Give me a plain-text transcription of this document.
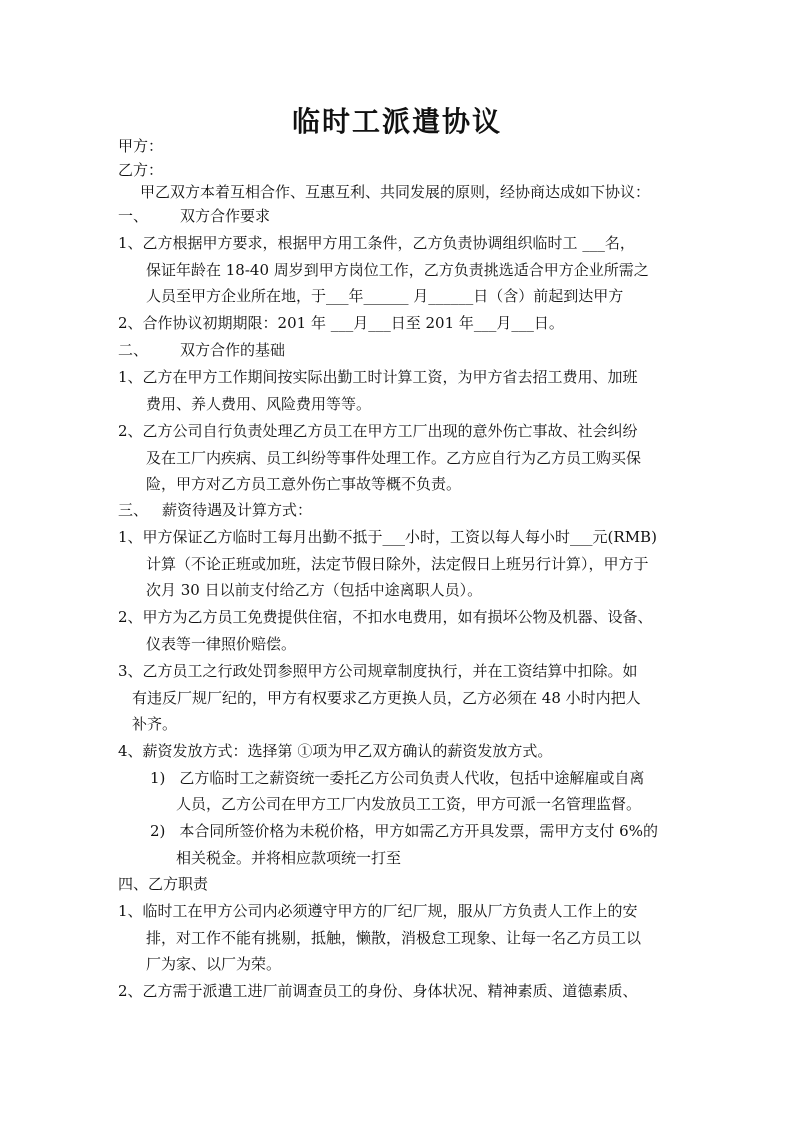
临时工派遣协议
甲方：
乙方：
甲乙双方本着互相合作、互惠互利、共同发展的原则，经协商达成如下协议：
一、 双方合作要求
1、乙方根据甲方要求，根据甲方用工条件，乙方负责协调组织临时工 ___名，
保证年龄在 18-40 周岁到甲方岗位工作，乙方负责挑选适合甲方企业所需之
人员至甲方企业所在地，于___年______ 月______日（含）前起到达甲方
2、合作协议初期期限：201 年 ___月___日至 201 年___月___日。
二、 双方合作的基础
1、乙方在甲方工作期间按实际出勤工时计算工资，为甲方省去招工费用、加班
费用、养人费用、风险费用等等。
2、乙方公司自行负责处理乙方员工在甲方工厂出现的意外伤亡事故、社会纠纷
及在工厂内疾病、员工纠纷等事件处理工作。乙方应自行为乙方员工购买保
险，甲方对乙方员工意外伤亡事故等概不负责。
三、 薪资待遇及计算方式：
1、甲方保证乙方临时工每月出勤不抵于___小时，工资以每人每小时___元(RMB)
计算（不论正班或加班，法定节假日除外，法定假日上班另行计算），甲方于
次月 30 日以前支付给乙方（包括中途离职人员）。
2、甲方为乙方员工免费提供住宿，不扣水电费用，如有损坏公物及机器、设备、
仪表等一律照价赔偿。
3、乙方员工之行政处罚参照甲方公司规章制度执行，并在工资结算中扣除。如
有违反厂规厂纪的，甲方有权要求乙方更换人员，乙方必须在 48 小时内把人
补齐。
4、薪资发放方式：选择第 ①项为甲乙双方确认的薪资发放方式。
1) 乙方临时工之薪资统一委托乙方公司负责人代收，包括中途解雇或自离
人员，乙方公司在甲方工厂内发放员工工资，甲方可派一名管理监督。
2) 本合同所签价格为未税价格，甲方如需乙方开具发票，需甲方支付 6%的
相关税金。并将相应款项统一打至
四、乙方职责
1、临时工在甲方公司内必须遵守甲方的厂纪厂规，服从厂方负责人工作上的安
排，对工作不能有挑剔，抵触，懒散，消极怠工现象、让每一名乙方员工以
厂为家、以厂为荣。
2、乙方需于派遣工进厂前调查员工的身份、身体状况、精神素质、道德素质、
